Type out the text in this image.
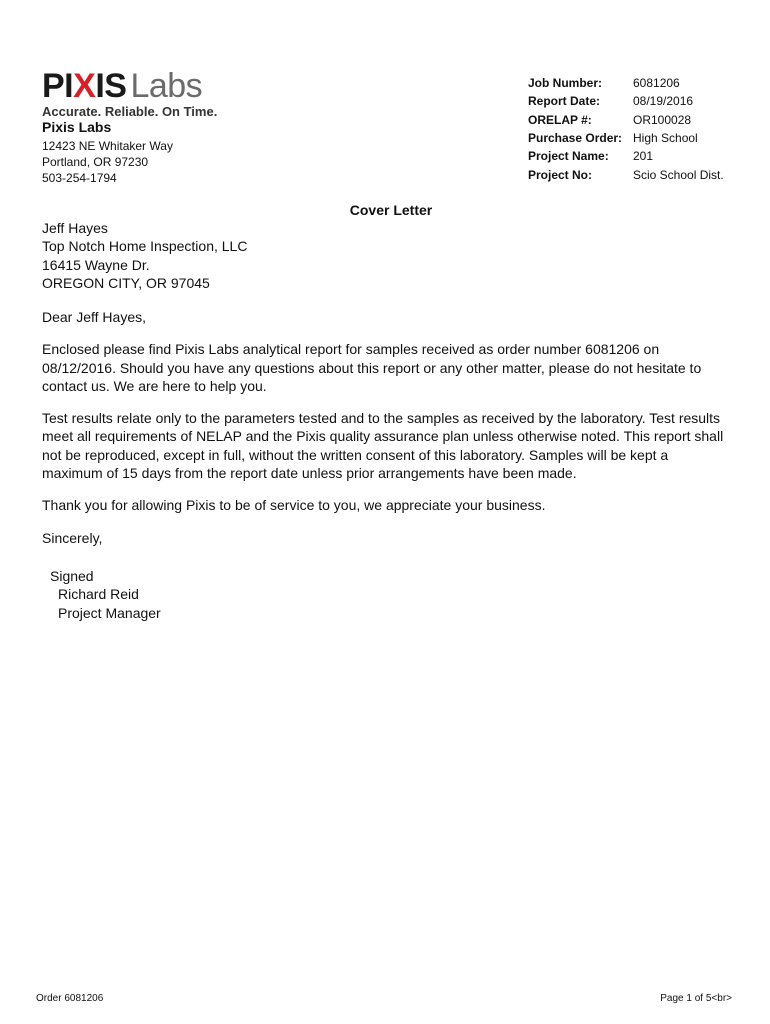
PIXIS Labs
Accurate. Reliable. On Time.
Pixis Labs
12423 NE Whitaker Way
Portland, OR 97230
503-254-1794
Job Number:	6081206
Report Date:	08/19/2016
ORELAP #:	OR100028
Purchase Order: High School
Project Name:	201
Project No:	Scio School Dist.
Cover Letter
Jeff Hayes
Top Notch Home Inspection, LLC
16415 Wayne Dr.
OREGON CITY, OR 97045

Dear Jeff Hayes,

Enclosed please find Pixis Labs analytical report for samples received as order number 6081206 on 08/12/2016. Should you have any questions about this report or any other matter, please do not hesitate to contact us. We are here to help you.

Test results relate only to the parameters tested and to the samples as received by the laboratory. Test results meet all requirements of NELAP and the Pixis quality assurance plan unless otherwise noted. This report shall not be reproduced, except in full, without the written consent of this laboratory. Samples will be kept a maximum of 15 days from the report date unless prior arrangements have been made.

Thank you for allowing Pixis to be of service to you, we appreciate your business.

Sincerely,

Signed
Richard Reid
Project Manager
Order 6081206	Page 1 of 5<br>
